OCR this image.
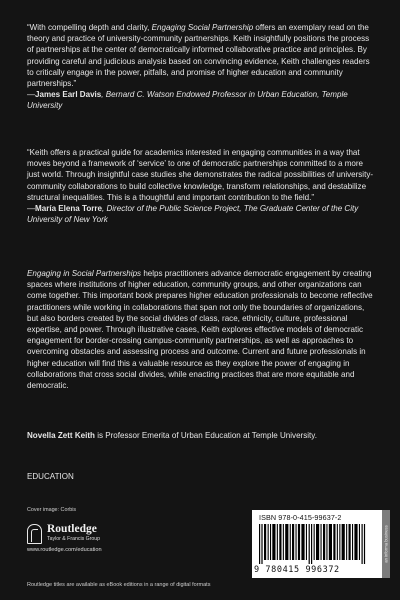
“With compelling depth and clarity, Engaging Social Partnership offers an exemplary read on the theory and practice of university-community partnerships. Keith insightfully positions the process of partnerships at the center of democratically informed collaborative practice and principles. By providing careful and judicious analysis based on convincing evidence, Keith challenges readers to critically engage in the power, pitfalls, and promise of higher education and community partnerships.”

—James Earl Davis, Bernard C. Watson Endowed Professor in Urban Education, Temple University

“Keith offers a practical guide for academics interested in engaging communities in a way that moves beyond a framework of ‘service’ to one of democratic partnerships committed to a more just world. Through insightful case studies she demonstrates the radical possibilities of university-community collaborations to build collective knowledge, transform relationships, and destabilize structural inequalities. This is a thoughtful and important contribution to the field.”

—María Elena Torre, Director of the Public Science Project, The Graduate Center of the City University of New York

Engaging in Social Partnerships helps practitioners advance democratic engagement by creating spaces where institutions of higher education, community groups, and other organizations can come together. This important book prepares higher education professionals to become reflective practitioners while working in collaborations that span not only the boundaries of organizations, but also borders created by the social divides of class, race, ethnicity, culture, professional expertise, and power. Through illustrative cases, Keith explores effective models of democratic engagement for border-crossing campus-community partnerships, as well as approaches to overcoming obstacles and assessing process and outcome. Current and future professionals in higher education will find this a valuable resource as they explore the power of engaging in collaborations that cross social divides, while enacting practices that are more equitable and democratic.

Novella Zett Keith is Professor Emerita of Urban Education at Temple University.

EDUCATION
Cover image: Corbis
Routledge
Taylor & Francis Group
www.routledge.com/education
Routledge titles are available as eBook editions in a range of digital formats
ISBN 978-0-415-99637-2
9 780415 996372
an informa business
